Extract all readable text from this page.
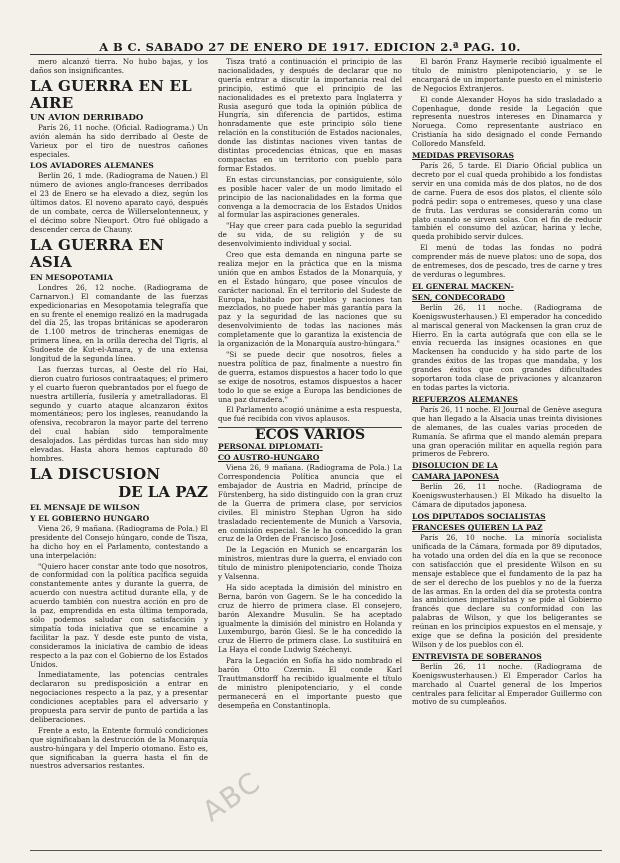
A B C. SABADO 27 DE ENERO DE 1917. EDICION 2.ª PAG. 10.

mero alcanzó tierra. No hubo bajas, y los daños son insignificantes.

LA GUERRA EN EL AIRE
UN AVION DERRIBADO

París 26, 11 noche. (Oficial. Radiograma.) Un avión alemán ha sido derribado al Oeste de Varieux por el tiro de nuestros cañones especiales.

LOS AVIADORES ALEMANES

Berlín 26, 1 mde. (Radiograma de Nauen.) El número de aviones anglo-franceses derribados el 23 de Enero se ha elevado a diez, según los últimos datos. El noveno aparato cayó, después de un combate, cerca de Willerselontenneux, y el décimo sobre Nieuport. Otro fué obligado a descender cerca de Chauny.

LA GUERRA EN ASIA
EN MESOPOTAMIA

Londres 26, 12 noche. (Radiograma de Carnarvon.) El comandante de las fuerzas expedicionarias en Mesopotamia telegrafía que en su frente el enemigo realizó en la madrugada del día 25, las tropas británicas se apoderaron de 1.100 metros de trincheras enemigas de primera línea, en la orilla derecha del Tigris, al Sudoeste de Kut-el-Amara, y de una extensa longitud de la segunda línea.

Las fuerzas turcas, al Oeste del río Hai, dieron cuatro furiosos contraataques; el primero y el cuarto fueron quebrantados por el fuego de nuestra artillería, fusilería y ametralladoras. El segundo y cuarto ataque alcanzaron éxitos momentáneos; pero los ingleses, reanudando la ofensiva, recobraron la mayor parte del terreno del cual habían sido temporalmente desalojados. Las pérdidas turcas han sido muy elevadas. Hasta ahora hemos capturado 80 hombres.

LA DISCUSION
DE LA PAZ
EL MENSAJE DE WILSON
Y EL GOBIERNO HUNGARO

Viena 26, 9 mañana. (Radiograma de Pola.) El presidente del Consejo húngaro, conde de Tisza, ha dicho hoy en el Parlamento, contestando a una interpelación:

"Quiero hacer constar ante todo que nosotros, de conformidad con la política pacífica seguida constantemente antes y durante la guerra, de acuerdo con nuestra actitud durante ella, y de acuerdo también con nuestra acción en pro de la paz, emprendida en esta última temporada, sólo podemos saludar con satisfacción y simpatía toda iniciativa que se encamine a facilitar la paz. Y desde este punto de vista, consideramos la iniciativa de cambio de ideas respecto a la paz con el Gobierno de los Estados Unidos.

Inmediatamente, las potencias centrales declararon su predisposición a entrar en negociaciones respecto a la paz, y a presentar condiciones aceptables para el adversario y propuesta para servir de punto de partida a las deliberaciones.

Frente a esto, la Entente formuló condiciones que significaban la destrucción de la Monarquía austro-húngara y del Imperio otomano. Esto es, que significaban la guerra hasta el fin de nuestros adversarios restantes.

Tisza trató a continuación el principio de las nacionalidades, y después de declarar que no quería entrar a discutir la importancia real del principio, estimó que el principio de las nacionalidades es el pretexto para Inglaterra y Rusia aseguró que toda la opinión pública de Hungría, sin diferencia de partidos, estima honradamente que este principio sólo tiene relación en la constitución de Estados nacionales, donde las distintas naciones viven tantas de distintas procedencias étnicas, que en masas compactas en un territorio con pueblo para formar Estados.

En estas circunstancias, por consiguiente, sólo es posible hacer valer de un modo limitado el principio de las nacionalidades en la forma que convenga a la democracia de los Estados Unidos al formular las aspiraciones generales.

"Hay que creer para cada pueblo la seguridad de su vida, de su religión y de su desenvolvimiento individual y social.

Creo que esta demanda en ninguna parte se realiza mejor en la práctica que en la misma unión que en ambos Estados de la Monarquía, y en el Estado húngaro, que posee vínculos de carácter nacional. En el territorio del Sudeste de Europa, habitado por pueblos y naciones tan mezclados, no puede haber más garantía para la paz y la seguridad de las naciones que su desenvolvimiento de todas las naciones más completamente que lo garantiza la existencia de la organización de la Monarquía austro-húngara."

"Si se puede decir que nosotros, fieles a nuestra política de paz, finalmente a nuestro fin de guerra, estamos dispuestos a hacer todo lo que se exige de nosotros, estamos dispuestos a hacer todo lo que se exige a Europa las bendiciones de una paz duradera."

El Parlamento acogió unánime a esta respuesta, que fué recibida con vivos aplausos.

ECOS VARIOS
PERSONAL DIPLOMATI-
CO AUSTRO-HUNGARO

Viena 26, 9 mañana. (Radiograma de Pola.) La Correspondencia Política anuncia que el embajador de Austria en Madrid, príncipe de Fürstenberg, ha sido distinguido con la gran cruz de la Guerra de primera clase, por servicios civiles. El ministro Stephan Ugron ha sido trasladado recientemente de Munich a Varsovia, en comisión especial. Se le ha concedido la gran cruz de la Orden de Francisco José.

De la Legación en Munich se encargarán los ministros, mientras dure la guerra, el enviado con título de ministro plenipotenciario, conde Thoiza y Valsenna.

Ha sido aceptada la dimisión del ministro en Berna, barón von Gagern. Se le ha concedido la cruz de hierro de primera clase. El consejero, barón Alexandre Musulin. Se ha aceptado igualmente la dimisión del ministro en Holanda y Luxemburgo, barón Giesl. Se le ha concedido la cruz de Hierro de primera clase. Lo sustituirá en La Haya el conde Ludwig Széchenyi.

Para la Legación en Sofía ha sido nombrado el barón Otto Czernin. El conde Karl Trauttmansdorff ha recibido igualmente el título de ministro plenipotenciario, y el conde permanecerá en el importante puesto que desempeña en Constantinopla.

El barón Franz Haymerle recibió igualmente el título de ministro plenipotenciario, y se le encargará de un importante puesto en el ministerio de Negocios Extranjeros.

El conde Alexander Hoyos ha sido trasladado a Copenhague, donde reside la Legación que representa nuestros intereses en Dinamarca y Noruega. Como representante austriaco en Cristianía ha sido designado el conde Fernando Colloredo Mansfeld.

MEDIDAS PREVISORAS

París 26, 5 tarde. El Diario Oficial publica un decreto por el cual queda prohibido a los fondistas servir en una comida más de dos platos, no de dos de carne. Fuera de esos dos platos, el cliente sólo podrá pedir: sopa o entremeses, queso y una clase de fruta. Las verduras se considerarán como un plato cuando se sirven solas. Con el fin de reducir también el consumo del azúcar, harina y leche, queda prohibido servir dulces.

El menú de todas las fondas no podrá comprender más de nueve platos: uno de sopa, dos de entremeses, dos de pescado, tres de carne y tres de verduras o legumbres.

EL GENERAL MACKEN-
SEN, CONDECORADO

Berlín 26, 11 noche. (Radiograma de Koenigswusterhausen.) El emperador ha concedido al mariscal general von Mackensen la gran cruz de Hierro. En la carta autógrafa que con ella se le envía recuerda las insignes ocasiones en que Mackensen ha conducido y ha sido parte de los grandes éxitos de las tropas que mandaba, y los grandes éxitos que con grandes dificultades soportaron toda clase de privaciones y alcanzaron en todas partes la victoria.

REFUERZOS ALEMANES

París 26, 11 noche. El Journal de Genève asegura que han llegado a la Alsacia unas treinta divisiones de alemanes, de las cuales varias proceden de Rumanía. Se afirma que el mando alemán prepara una gran operación militar en aquella región para primeros de Febrero.

DISOLUCION DE LA
CAMARA JAPONESA

Berlín 26, 11 noche. (Radiograma de Koenigswusterhausen.) El Mikado ha disuelto la Cámara de diputados japonesa.

LOS DIPUTADOS SOCIALISTAS
FRANCESES QUIEREN LA PAZ

París 26, 10 noche. La minoría socialista unificada de la Cámara, formada por 89 diputados, ha votado una orden del día en la que se reconoce con satisfacción que el presidente Wilson en su mensaje establece que el fundamento de la paz ha de ser el derecho de los pueblos y no de la fuerza de las armas. En la orden del día se protesta contra las ambiciones imperialistas y se pide al Gobierno francés que declare su conformidad con las palabras de Wilson, y que los beligerantes se reúnan en los principios expuestos en el mensaje, y exige que se defina la posición del presidente Wilson y de los pueblos con él.

ENTREVISTA DE SOBERANOS

Berlín 26, 11 noche. (Radiograma de Koenigswusterhausen.) El Emperador Carlos ha marchado al Cuartel general de los Imperios centrales para felicitar al Emperador Guillermo con motivo de su cumpleaños.

ABC
